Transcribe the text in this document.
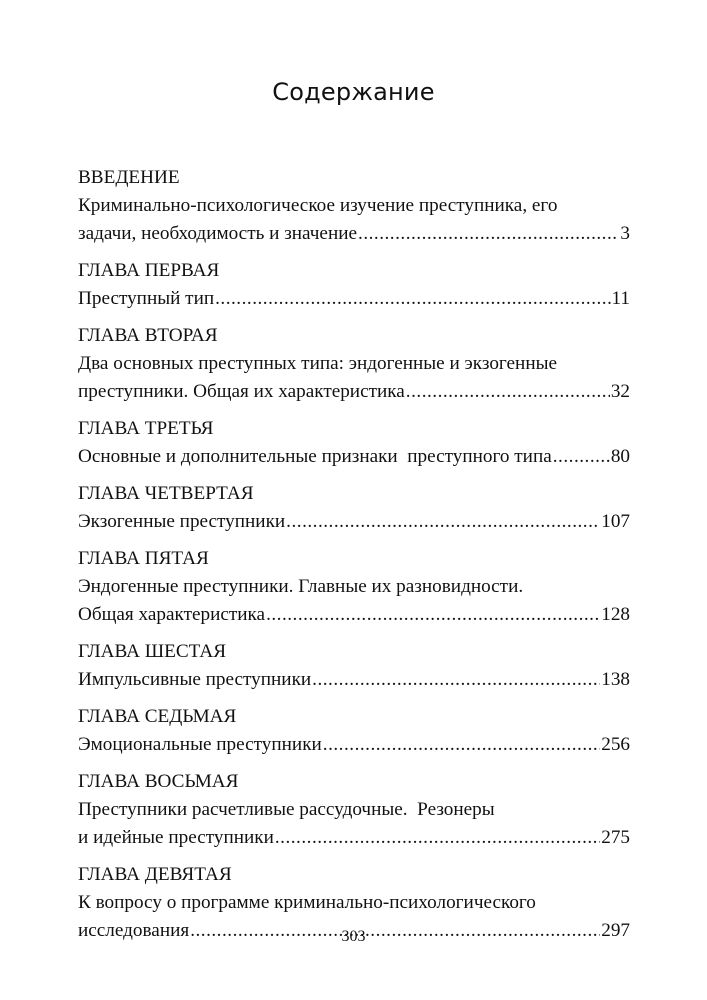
Содержание
ВВЕДЕНИЕ
Криминально-психологическое изучение преступника, его
задачи, необходимость и значение .....	3
ГЛАВА ПЕРВАЯ
Преступный тип .....	11
ГЛАВА ВТОРАЯ
Два основных преступных типа: эндогенные и экзогенные
преступники. Общая их характеристика .....	32
ГЛАВА ТРЕТЬЯ
Основные и дополнительные признаки  преступного типа .....	80
ГЛАВА ЧЕТВЕРТАЯ
Экзогенные преступники .....	107
ГЛАВА ПЯТАЯ
Эндогенные преступники. Главные их разновидности.
Общая характеристика .....	128
ГЛАВА ШЕСТАЯ
Импульсивные преступники .....	138
ГЛАВА СЕДЬМАЯ
Эмоциональные преступники .....	256
ГЛАВА ВОСЬМАЯ
Преступники расчетливые рассудочные.  Резонеры
и идейные преступники .....	275
ГЛАВА ДЕВЯТАЯ
К вопросу о программе криминально-психологического
исследования .....	297
303
